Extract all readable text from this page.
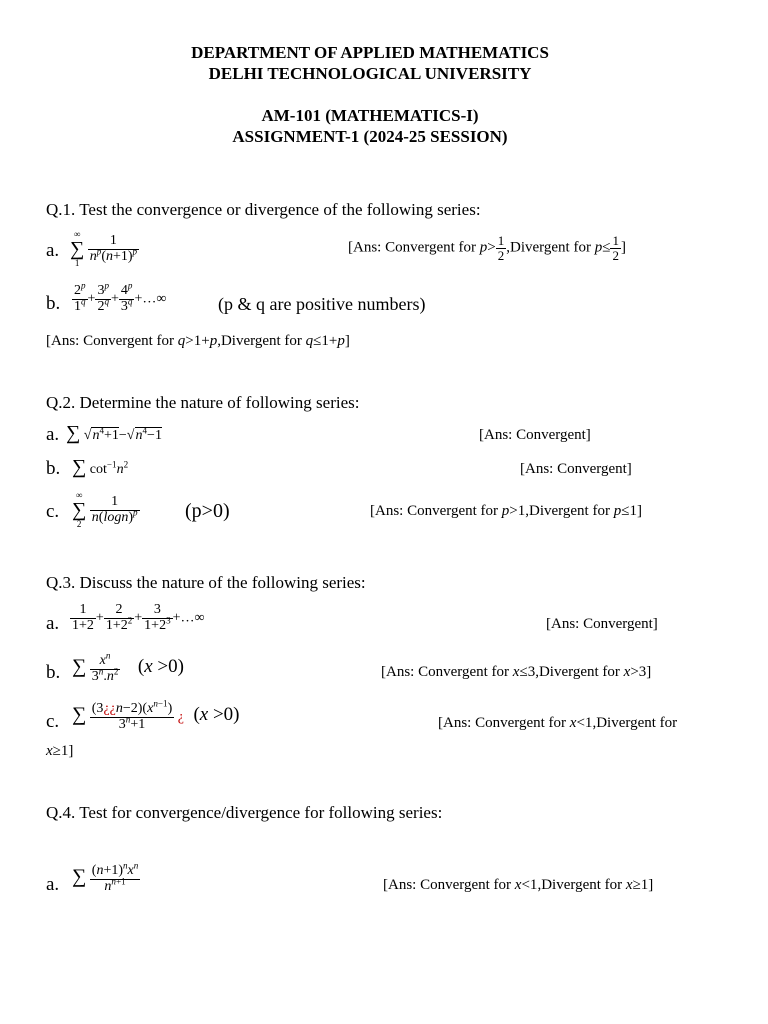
DEPARTMENT OF APPLIED MATHEMATICS
DELHI TECHNOLOGICAL UNIVERSITY
AM-101 (MATHEMATICS-I)
ASSIGNMENT-1 (2024-25 SESSION)
Q.1. Test the convergence or divergence of the following series:
a.
∞
∑
1
$\frac{1}{n^p(n+1)^p}$	[Ans: Convergent for $p> \frac{1}{2}$ ,Divergent for $p\le \frac{1}{2}$ ]
b. $\frac{2^p}{1^q} + \frac{3^p}{2^q} + \frac{4^p}{3^q}$ +…∞	(p & q are positive numbers)
[Ans: Convergent for q>1+p,Divergent for q≤1+p]
Q.2. Determine the nature of following series:
a. ∑ $√n^4+1-√n^4-1$	[Ans: Convergent]
b. ∑ $\cot^{-1}n^2$	[Ans: Convergent]
c.
∞
∑
2
$\frac{1}{n(\log n)^p} (p>0)$	[Ans: Convergent for p>1,Divergent for p≤1]
Q.3. Discuss the nature of the following series:
a. $\frac{1}{1+2} + \frac{2}{1+2^2} + \frac{3}{1+2^3}$ +…∞	[Ans: Convergent]
b. ∑ $\frac{x^n}{3^n.n^2} (x >0)$	[Ans: Convergent for x≤3,Divergent for x>3]
c. ∑ $\frac{(3¿¿n-2)(x^{n-1})}{3^n+1}$ ¿ (x >0)	[Ans: Convergent for x<1,Divergent for
x≥1]
Q.4. Test for convergence/divergence for following series:
a. ∑ $\frac{(n+1)^nx^n}{n^{n+1}}$	[Ans: Convergent for x<1,Divergent for x≥1]
